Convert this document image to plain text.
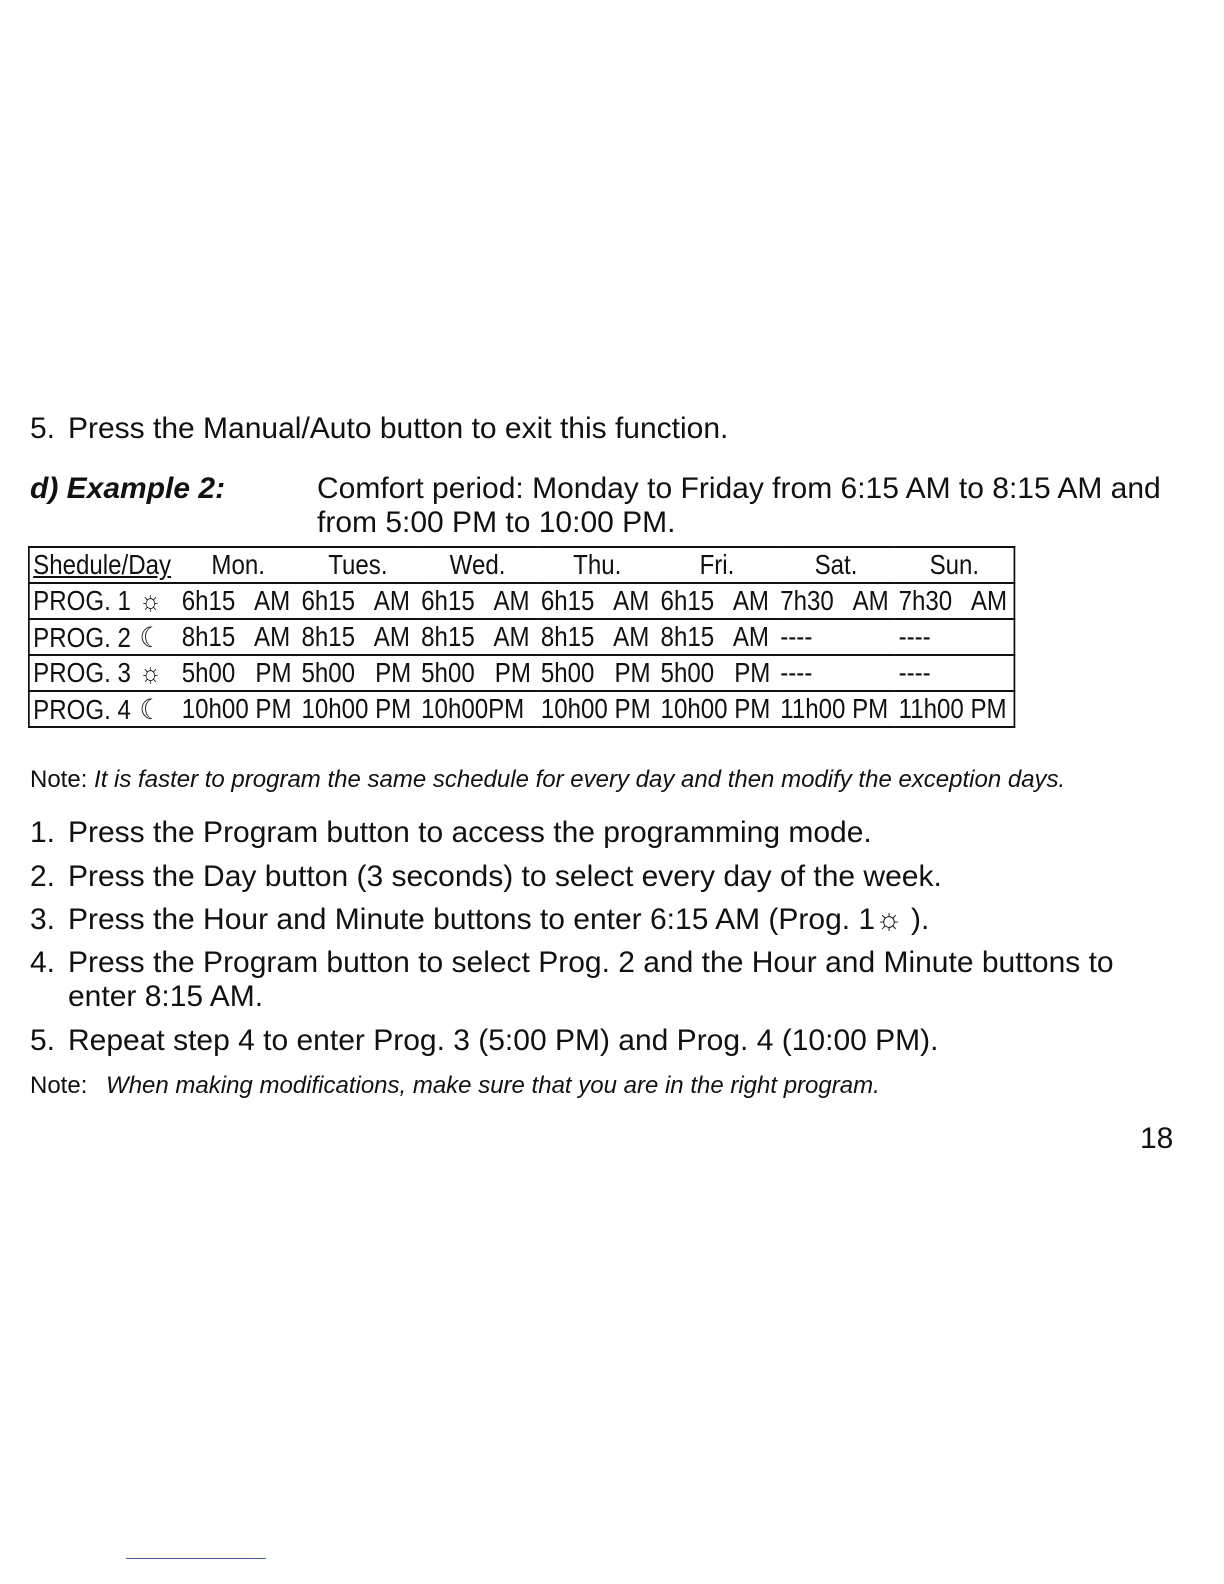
5. Press the Manual/Auto button to exit this function.
d) Example 2:	Comfort period: Monday to Friday from 6:15 AM to 8:15 AM and
from 5:00 PM to 10:00 PM.
Shedule/Day	Mon.	Tues.	Wed.	Thu.	Fri.	Sat.	Sun.
PROG. 1 ☼	6h15   AM	6h15   AM	6h15   AM	6h15   AM	6h15   AM	7h30   AM	7h30   AM
PROG. 2 ☾	8h15   AM	8h15   AM	8h15   AM	8h15   AM	8h15   AM	----	----
PROG. 3 ☼	5h00   PM	5h00   PM	5h00   PM	5h00   PM	5h00   PM	----	----
PROG. 4 ☾	10h00 PM	10h00 PM	10h00PM	10h00 PM	10h00 PM	11h00 PM	11h00 PM
Note: It is faster to program the same schedule for every day and then modify the exception days.
1. Press the Program button to access the programming mode.
2. Press the Day button (3 seconds) to select every day of the week.
3. Press the Hour and Minute buttons to enter 6:15 AM (Prog. 1☼ ).
4. Press the Program button to select Prog. 2 and the Hour and Minute buttons to
enter 8:15 AM.
5. Repeat step 4 to enter Prog. 3 (5:00 PM) and Prog. 4 (10:00 PM).
Note: When making modifications, make sure that you are in the right program.
18
